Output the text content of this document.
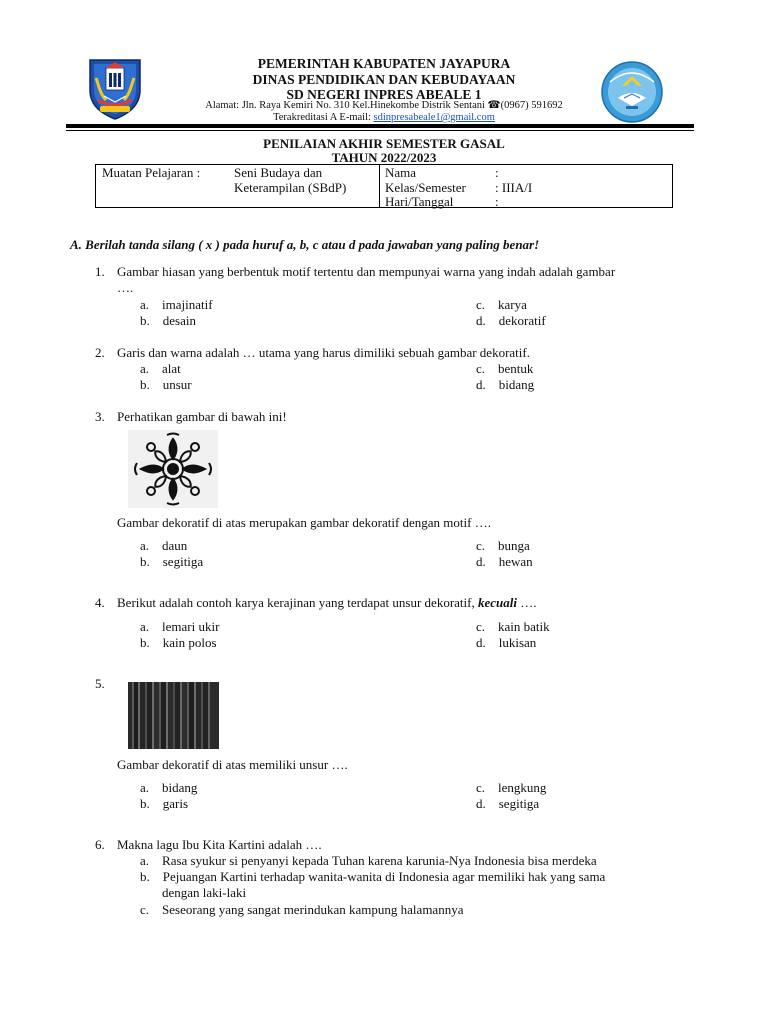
PEMERINTAH KABUPATEN JAYAPURA
DINAS PENDIDIKAN DAN KEBUDAYAAN
SD NEGERI INPRES ABEALE 1
Alamat: Jln. Raya Kemiri No. 310 Kel.Hinekombe Distrik Sentani ☎(0967) 591692
Terakreditasi A E-mail: sdinpresabeale1@gmail.com
PENILAIAN AKHIR SEMESTER GASAL
TAHUN 2022/2023
Muatan Pelajaran :	Seni Budaya dan
Keterampilan (SBdP)
Nama	:
Kelas/Semester : IIIA/I
Hari/Tanggal	:
A. Berilah tanda silang ( x ) pada huruf a, b, c atau d pada jawaban yang paling benar!
1. Gambar hiasan yang berbentuk motif tertentu dan mempunyai warna yang indah adalah gambar
….
a. imajinatif
b. desain
c. karya
d. dekoratif
2. Garis dan warna adalah … utama yang harus dimiliki sebuah gambar dekoratif.
a. alat
b. unsur
c. bentuk
d. bidang
3. Perhatikan gambar di bawah ini!
Gambar dekoratif di atas merupakan gambar dekoratif dengan motif ….
a. daun
b. segitiga
c. bunga
d. hewan
4. Berikut adalah contoh karya kerajinan yang terdapat unsur dekoratif, kecuali ….
a. lemari ukir
b. kain polos
c. kain batik
d. lukisan
5.
Gambar dekoratif di atas memiliki unsur ….
a. bidang
b. garis
c. lengkung
d. segitiga
6. Makna lagu Ibu Kita Kartini adalah ….
a. Rasa syukur si penyanyi kepada Tuhan karena karunia-Nya Indonesia bisa merdeka
b. Pejuangan Kartini terhadap wanita-wanita di Indonesia agar memiliki hak yang sama
dengan laki-laki
c. Seseorang yang sangat merindukan kampung halamannya
